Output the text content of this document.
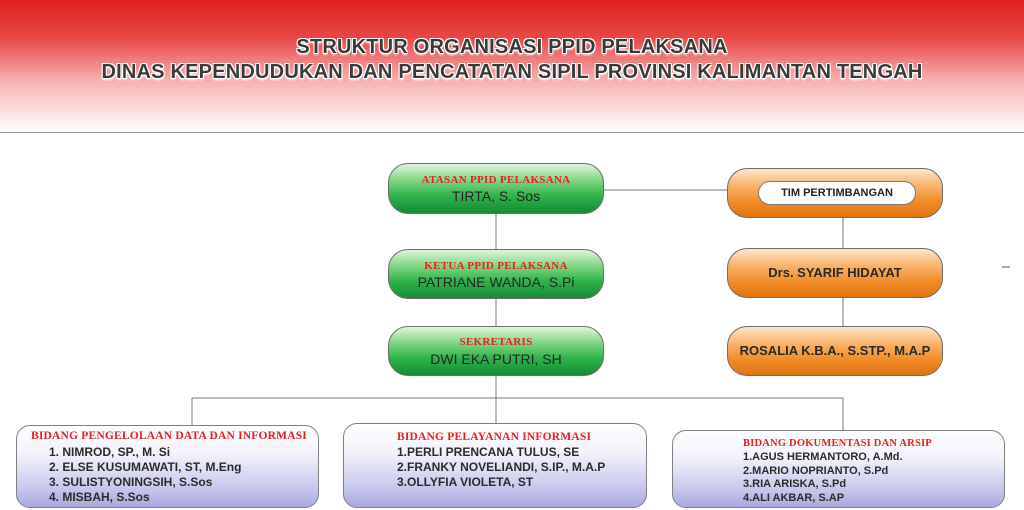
STRUKTUR ORGANISASI PPID PELAKSANA
DINAS KEPENDUDUKAN DAN PENCATATAN SIPIL PROVINSI KALIMANTAN TENGAH
ATASAN PPID PELAKSANA
TIRTA, S. Sos
KETUA PPID PELAKSANA
PATRIANE WANDA, S.Pi
SEKRETARIS
DWI EKA PUTRI, SH
TIM PERTIMBANGAN
Drs. SYARIF HIDAYAT
ROSALIA K.B.A., S.STP., M.A.P
BIDANG PENGELOLAAN DATA DAN INFORMASI
1. NIMROD, SP., M. Si
2. ELSE KUSUMAWATI, ST, M.Eng
3. SULISTYONINGSIH, S.Sos
4. MISBAH, S.Sos
BIDANG PELAYANAN INFORMASI
1.PERLI PRENCANA TULUS, SE
2.FRANKY NOVELIANDI, S.IP., M.A.P
3.OLLYFIA VIOLETA, ST
BIDANG DOKUMENTASI DAN ARSIP
1.AGUS HERMANTORO, A.Md.
2.MARIO NOPRIANTO, S.Pd
3.RIA ARISKA, S.Pd
4.ALI AKBAR, S.AP
